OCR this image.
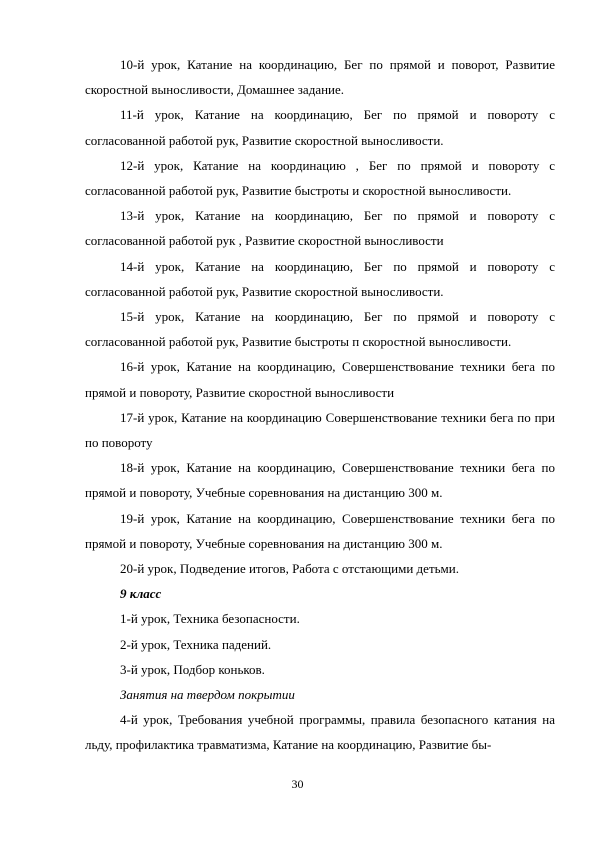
10-й урок, Катание на координацию, Бег по прямой и поворот, Развитие скоростной выносливости, Домашнее задание.

11-й урок, Катание на координацию, Бег по прямой и повороту с согласованной работой рук, Развитие скоростной выносливости.

12-й урок, Катание на координацию , Бег по прямой и повороту с согласованной работой рук, Развитие быстроты и скоростной выносливости.

13-й урок, Катание на координацию, Бег по прямой и повороту с согласованной работой рук , Развитие скоростной выносливости

14-й урок, Катание на координацию, Бег по прямой и повороту с согласованной работой рук, Развитие скоростной выносливости.

15-й урок, Катание на координацию, Бег по прямой и повороту с согласованной работой рук, Развитие быстроты п скоростной выносливости.

16-й урок, Катание на координацию, Совершенствование техники бега по прямой и повороту, Развитие скоростной выносливости

17-й урок, Катание на координацию Совершенствование техники бега по при по повороту

18-й урок, Катание на координацию, Совершенствование техники бега по прямой и повороту, Учебные соревнования на дистанцию 300 м.

19-й урок, Катание на координацию, Совершенствование техники бега по прямой и повороту, Учебные соревнования на дистанцию 300 м.

20-й урок, Подведение итогов, Работа с отстающими детьми.

9 класс

1-й урок, Техника безопасности.

2-й урок, Техника падений.

3-й урок, Подбор коньков.

Занятия на твердом покрытии

4-й урок, Требования учебной программы, правила безопасного катания на льду, профилактика травматизма, Катание на координацию, Развитие бы-

30
